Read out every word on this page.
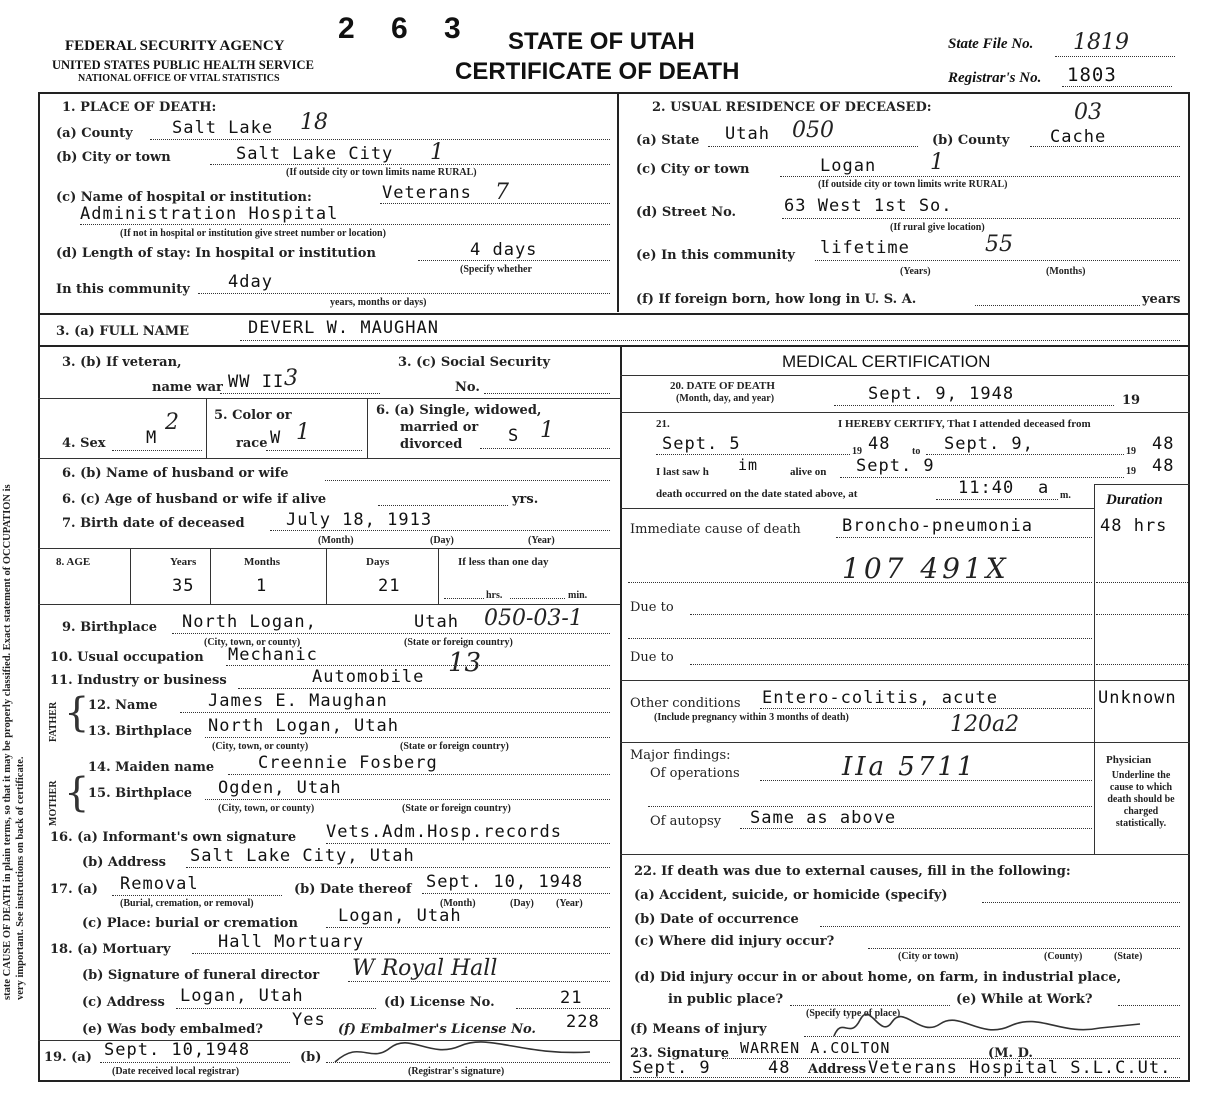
state CAUSE OF DEATH in plain terms, so that it may be properly classified. Exact statement of OCCUPATION is very important. See instructions on back of certificate.
FEDERAL SECURITY AGENCY
UNITED STATES PUBLIC HEALTH SERVICE
NATIONAL OFFICE OF VITAL STATISTICS
2 6 3 STATE OF UTAH
CERTIFICATE OF DEATH
State File No. 1819
Registrar's No. 1803
1. PLACE OF DEATH:
(a) County Salt Lake 18
(b) City or town	Salt Lake City 1
(If outside city or town limits name RURAL)
(c) Name of hospital or institution:	Veterans 7
Administration Hospital
(If not in hospital or institution give street number or location)
(d) Length of stay: In hospital or institution	4 days
(Specify whether
In this community 4day
years, months or days)
2. USUAL RESIDENCE OF DECEASED:
(a) State Utah 050	(b) County Cache
03
(c) City or town	Logan 1
(If outside city or town limits write RURAL)
(d) Street No.	63 West 1st So.
(If rural give location)
(e) In this community lifetime	55
(Years)	(Months)
(f) If foreign born, how long in U. S. A.	years
3. (a) FULL NAME	DEVERL W. MAUGHAN
3. (b) If veteran,
name war WW II 3
3. (c) Social Security
No.
4. Sex M
2	5. Color or
race W 1
6. (a) Single, widowed,
married or
divorced	S 1
6. (b) Name of husband or wife
6. (c) Age of husband or wife if alive	yrs.
7. Birth date of deceased July 18, 1913
(Month)	(Day)	(Year)
8. AGE	Years
35
Months
1
Days
21
If less than one day
hrs.	min.
9. Birthplace North Logan,	Utah 050-03-1
(City, town, or county)	(State or foreign country)
10. Usual occupation Mechanic	13
11. Industry or business	Automobile
FATHER
MOTHER
{
{
12. Name	James E. Maughan
13. Birthplace North Logan, Utah
(City, town, or county)	(State or foreign country)
14. Maiden name	Creennie Fosberg
15. Birthplace Ogden, Utah
(City, town, or county)	(State or foreign country)
16. (a) Informant's own signature Vets.Adm.Hosp.records
(b) Address Salt Lake City, Utah
17. (a) Removal
(Burial, cremation, or removal)
(b) Date thereof Sept. 10, 1948
(Month)	(Day) (Year)
(c) Place: burial or cremation Logan, Utah
18. (a) Mortuary	Hall Mortuary
(b) Signature of funeral director W Royal Hall
(c) Address Logan, Utah	(d) License No.	21
(e) Was body embalmed? Yes (f) Embalmer's License No. 228
19. (a) Sept. 10,1948
(Date received local registrar)
(b)
(Registrar's signature)
MEDICAL CERTIFICATION
20. DATE OF DEATH
(Month, day, and year)	Sept. 9, 1948	19
21.	I HEREBY CERTIFY, That I attended deceased from
Sept. 5	19 48 to Sept. 9,	19 48
I last saw h im	alive on Sept. 9	19 48
death occurred on the date stated above, at	11:40 a m. Duration
Immediate cause of death Broncho-pneumonia	48 hrs
107 491X
Due to
Due to
Other conditions Entero-colitis, acute	Unknown
(Include pregnancy within 3 months of death)	120a2
Major findings:
Of operations	IIa 5711
Of autopsy Same as above
Physician
Underline the cause to which death should be charged statistically.
22. If death was due to external causes, fill in the following:
(a) Accident, suicide, or homicide (specify)
(b) Date of occurrence
(c) Where did injury occur?
(City or town)	(County)	(State)
(d) Did injury occur in or about home, on farm, in industrial place,
in public place?
(Specify type of place)
(e) While at Work?
(f) Means of injury
23. Signature WARREN A.COLTON	(M. D.
Sept. 9	48 Address Veterans Hospital S.L.C.Ut.
